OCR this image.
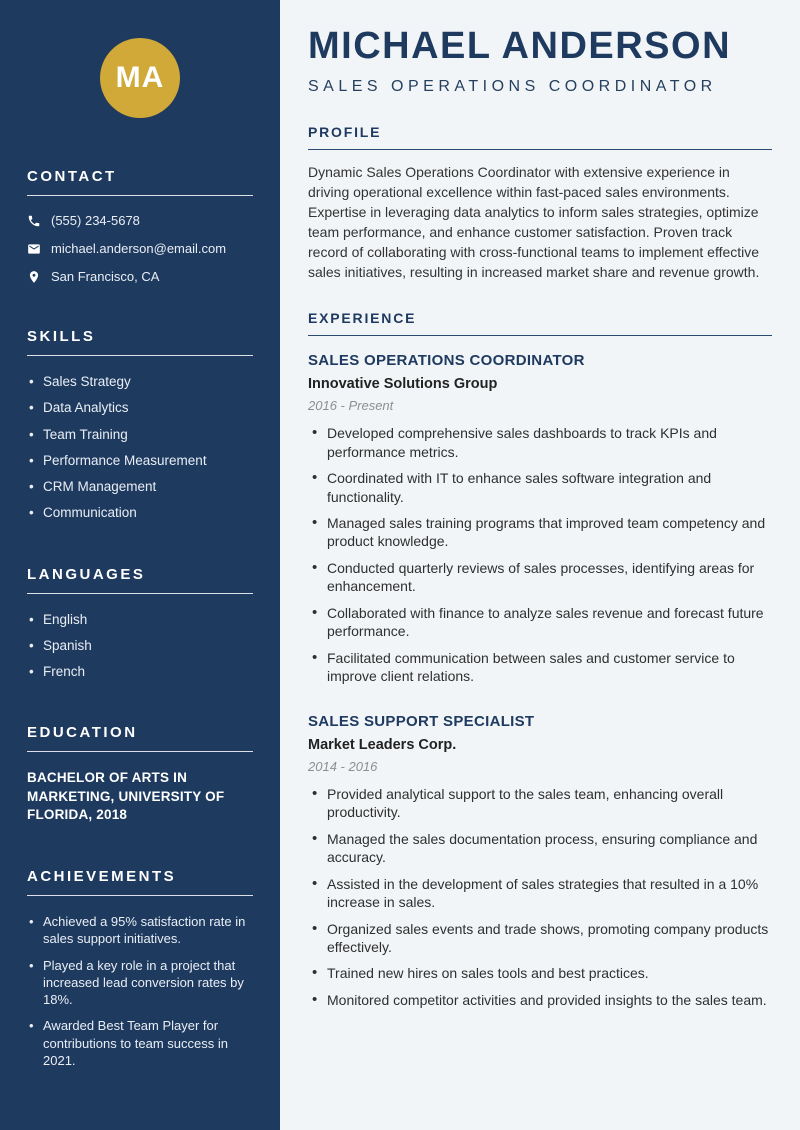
MA
CONTACT
(555) 234-5678
michael.anderson@email.com
San Francisco, CA
SKILLS
• Sales Strategy
• Data Analytics
• Team Training
• Performance Measurement
• CRM Management
• Communication
LANGUAGES
• English
• Spanish
• French
EDUCATION

BACHELOR OF ARTS IN MARKETING, UNIVERSITY OF FLORIDA, 2018

ACHIEVEMENTS
• Achieved a 95% satisfaction rate in sales support initiatives.
• Played a key role in a project that increased lead conversion rates by 18%.
• Awarded Best Team Player for contributions to team success in 2021.
MICHAEL ANDERSON
SALES OPERATIONS COORDINATOR
PROFILE

Dynamic Sales Operations Coordinator with extensive experience in driving operational excellence within fast-paced sales environments. Expertise in leveraging data analytics to inform sales strategies, optimize team performance, and enhance customer satisfaction. Proven track record of collaborating with cross-functional teams to implement effective sales initiatives, resulting in increased market share and revenue growth.

EXPERIENCE
SALES OPERATIONS COORDINATOR
Innovative Solutions Group
2016 - Present
• Developed comprehensive sales dashboards to track KPIs and performance metrics.
• Coordinated with IT to enhance sales software integration and functionality.
• Managed sales training programs that improved team competency and product knowledge.
• Conducted quarterly reviews of sales processes, identifying areas for enhancement.
• Collaborated with finance to analyze sales revenue and forecast future performance.
• Facilitated communication between sales and customer service to improve client relations.
SALES SUPPORT SPECIALIST
Market Leaders Corp.
2014 - 2016
• Provided analytical support to the sales team, enhancing overall productivity.
• Managed the sales documentation process, ensuring compliance and accuracy.
• Assisted in the development of sales strategies that resulted in a 10% increase in sales.
• Organized sales events and trade shows, promoting company products effectively.
• Trained new hires on sales tools and best practices.
• Monitored competitor activities and provided insights to the sales team.
